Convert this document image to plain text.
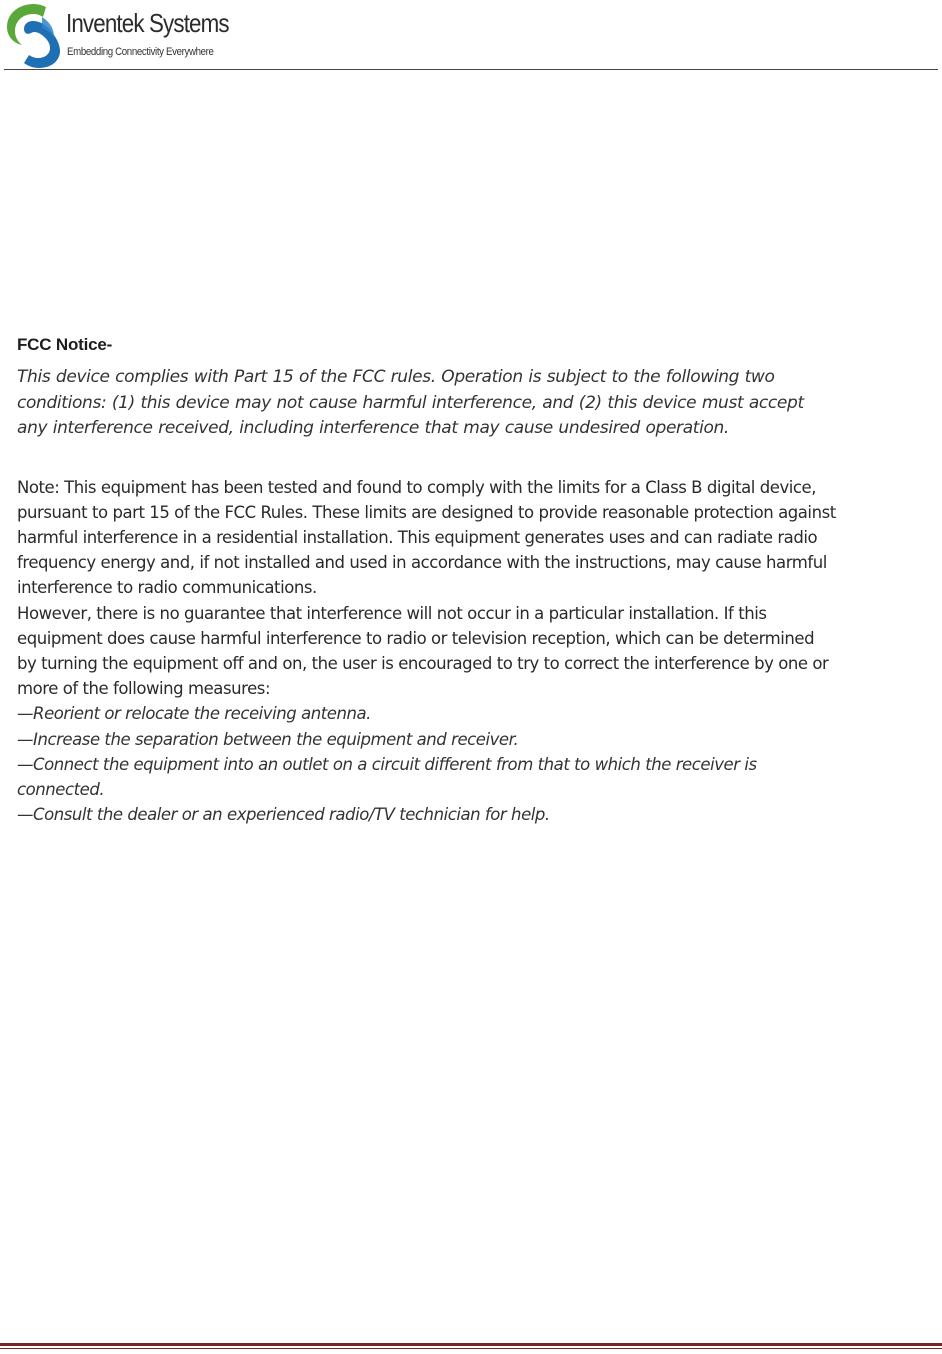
Inventek Systems
Embedding Connectivity Everywhere
FCC Notice-

This device complies with Part 15 of the FCC rules. Operation is subject to the following two conditions: (1) this device may not cause harmful interference, and (2) this device must accept any interference received, including interference that may cause undesired operation.

Note: This equipment has been tested and found to comply with the limits for a Class B digital device, pursuant to part 15 of the FCC Rules. These limits are designed to provide reasonable protection against harmful interference in a residential installation. This equipment generates uses and can radiate radio frequency energy and, if not installed and used in accordance with the instructions, may cause harmful interference to radio communications.

However, there is no guarantee that interference will not occur in a particular installation. If this equipment does cause harmful interference to radio or television reception, which can be determined by turning the equipment off and on, the user is encouraged to try to correct the interference by one or more of the following measures:

—Reorient or relocate the receiving antenna.
—Increase the separation between the equipment and receiver.
—Connect the equipment into an outlet on a circuit different from that to which the receiver is connected.
—Consult the dealer or an experienced radio/TV technician for help.
